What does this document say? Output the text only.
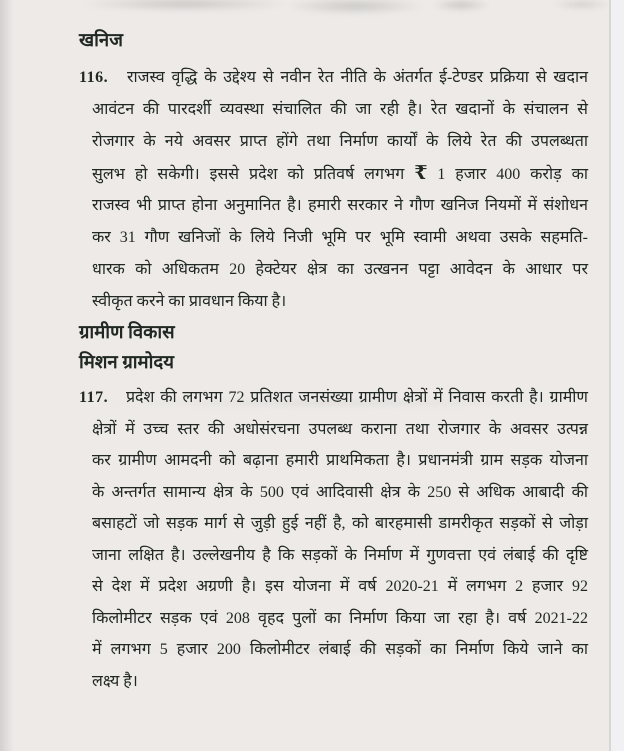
खनिज
116. राजस्व वृद्धि के उद्देश्य से नवीन रेत नीति के अंतर्गत ई-टेण्डर प्रक्रिया से खदान
आवंटन की पारदर्शी व्यवस्था संचालित की जा रही है। रेत खदानों के संचालन से
रोजगार के नये अवसर प्राप्त होंगे तथा निर्माण कार्यों के लिये रेत की उपलब्धता
सुलभ हो सकेगी। इससे प्रदेश को प्रतिवर्ष लगभग ₹ 1 हजार 400 करोड़ का
राजस्व भी प्राप्त होना अनुमानित है। हमारी सरकार ने गौण खनिज नियमों में संशोधन
कर 31 गौण खनिजों के लिये निजी भूमि पर भूमि स्वामी अथवा उसके सहमति-
धारक को अधिकतम 20 हेक्टेयर क्षेत्र का उत्खनन पट्टा आवेदन के आधार पर
स्वीकृत करने का प्रावधान किया है।
ग्रामीण विकास
मिशन ग्रामोदय
117. प्रदेश की लगभग 72 प्रतिशत जनसंख्या ग्रामीण क्षेत्रों में निवास करती है। ग्रामीण
क्षेत्रों में उच्च स्तर की अधोसंरचना उपलब्ध कराना तथा रोजगार के अवसर उत्पन्न
कर ग्रामीण आमदनी को बढ़ाना हमारी प्राथमिकता है। प्रधानमंत्री ग्राम सड़क योजना
के अन्तर्गत सामान्य क्षेत्र के 500 एवं आदिवासी क्षेत्र के 250 से अधिक आबादी की
बसाहटों जो सड़क मार्ग से जुड़ी हुई नहीं है, को बारहमासी डामरीकृत सड़कों से जोड़ा
जाना लक्षित है। उल्लेखनीय है कि सड़कों के निर्माण में गुणवत्ता एवं लंबाई की दृष्टि
से देश में प्रदेश अग्रणी है। इस योजना में वर्ष 2020-21 में लगभग 2 हजार 92
किलोमीटर सड़क एवं 208 वृहद पुलों का निर्माण किया जा रहा है। वर्ष 2021-22
में लगभग 5 हजार 200 किलोमीटर लंबाई की सड़कों का निर्माण किये जाने का
लक्ष्य है।
